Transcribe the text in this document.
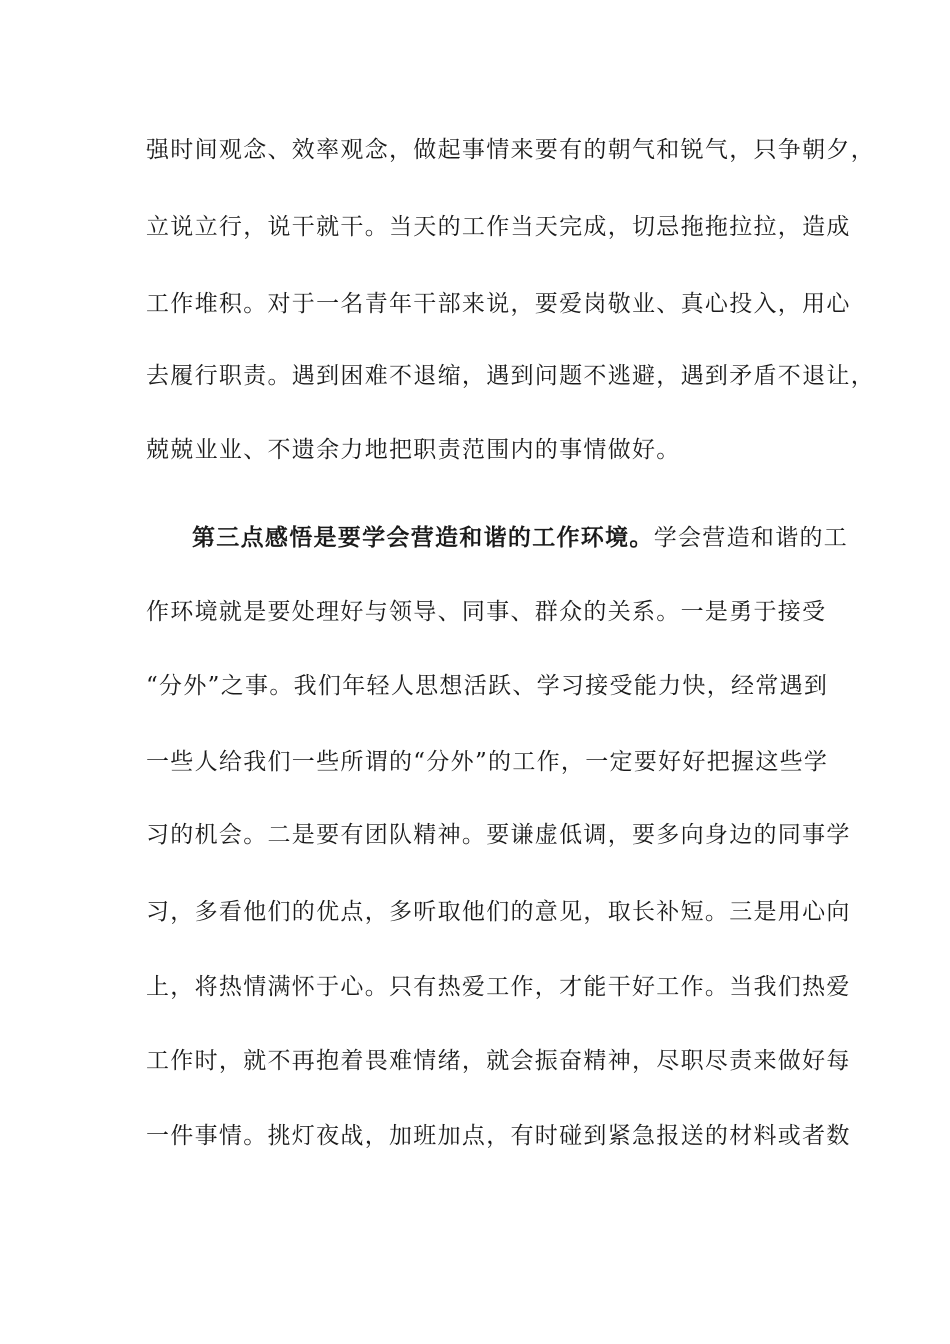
强时间观念、效率观念，做起事情来要有的朝气和锐气，只争朝夕，
立说立行，说干就干。当天的工作当天完成，切忌拖拖拉拉，造成
工作堆积。对于一名青年干部来说，要爱岗敬业、真心投入，用心
去履行职责。遇到困难不退缩，遇到问题不逃避，遇到矛盾不退让，
兢兢业业、不遗余力地把职责范围内的事情做好。
第三点感悟是要学会营造和谐的工作环境。学会营造和谐的工
作环境就是要处理好与领导、同事、群众的关系。一是勇于接受
“分外”之事。我们年轻人思想活跃、学习接受能力快，经常遇到
一些人给我们一些所谓的“分外”的工作，一定要好好把握这些学
习的机会。二是要有团队精神。要谦虚低调，要多向身边的同事学
习，多看他们的优点，多听取他们的意见，取长补短。三是用心向
上，将热情满怀于心。只有热爱工作，才能干好工作。当我们热爱
工作时，就不再抱着畏难情绪，就会振奋精神，尽职尽责来做好每
一件事情。挑灯夜战，加班加点，有时碰到紧急报送的材料或者数
